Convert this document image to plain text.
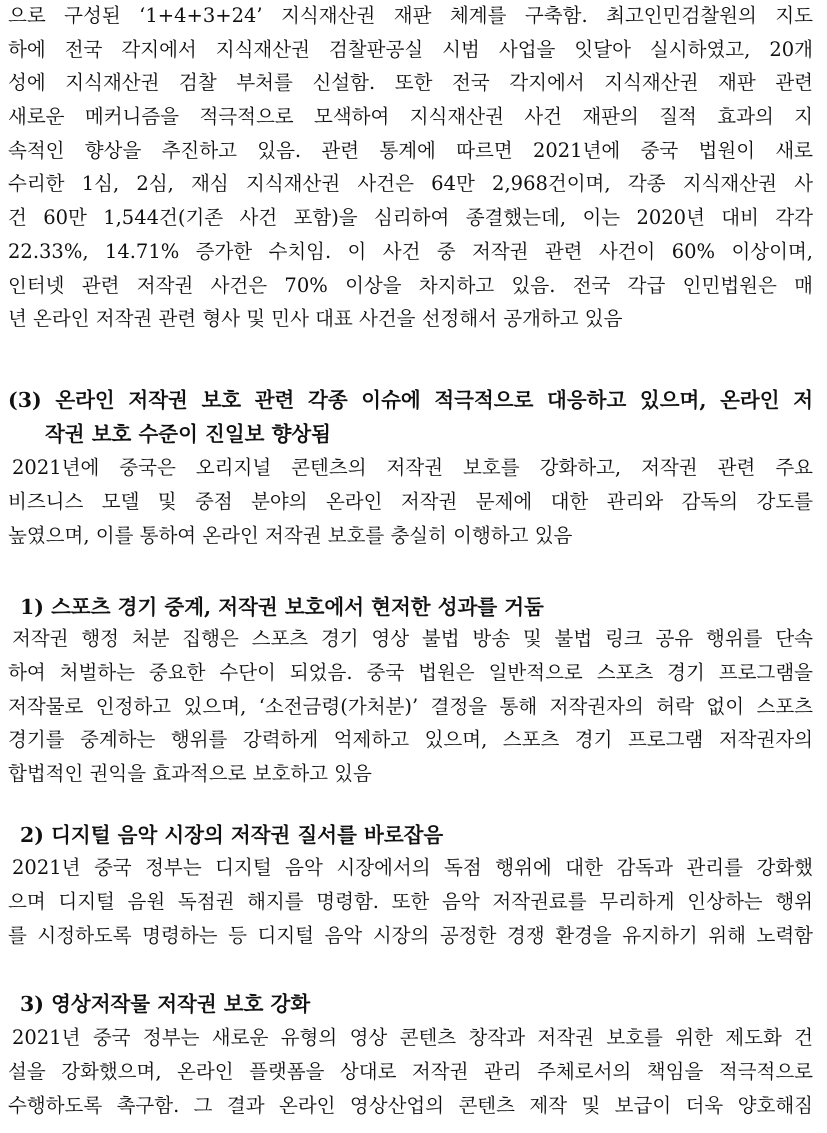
으로 구성된 ‘1+4+3+24’ 지식재산권 재판 체계를 구축함. 최고인민검찰원의 지도
하에 전국 각지에서 지식재산권 검찰판공실 시범 사업을 잇달아 실시하였고, 20개
성에 지식재산권 검찰 부처를 신설함. 또한 전국 각지에서 지식재산권 재판 관련
새로운 메커니즘을 적극적으로 모색하여 지식재산권 사건 재판의 질적 효과의 지
속적인 향상을 추진하고 있음. 관련 통계에 따르면 2021년에 중국 법원이 새로
수리한 1심, 2심, 재심 지식재산권 사건은 64만 2,968건이며, 각종 지식재산권 사
건 60만 1,544건(기존 사건 포함)을 심리하여 종결했는데, 이는 2020년 대비 각각
22.33%, 14.71% 증가한 수치임. 이 사건 중 저작권 관련 사건이 60% 이상이며,
인터넷 관련 저작권 사건은 70% 이상을 차지하고 있음. 전국 각급 인민법원은 매
년 온라인 저작권 관련 형사 및 민사 대표 사건을 선정해서 공개하고 있음
(3) 온라인 저작권 보호 관련 각종 이슈에 적극적으로 대응하고 있으며, 온라인 저
작권 보호 수준이 진일보 향상됨
2021년에 중국은 오리지널 콘텐츠의 저작권 보호를 강화하고, 저작권 관련 주요
비즈니스 모델 및 중점 분야의 온라인 저작권 문제에 대한 관리와 감독의 강도를
높였으며, 이를 통하여 온라인 저작권 보호를 충실히 이행하고 있음
1) 스포츠 경기 중계, 저작권 보호에서 현저한 성과를 거둠
저작권 행정 처분 집행은 스포츠 경기 영상 불법 방송 및 불법 링크 공유 행위를 단속
하여 처벌하는 중요한 수단이 되었음. 중국 법원은 일반적으로 스포츠 경기 프로그램을
저작물로 인정하고 있으며, ‘소전금령(가처분)’ 결정을 통해 저작권자의 허락 없이 스포츠
경기를 중계하는 행위를 강력하게 억제하고 있으며, 스포츠 경기 프로그램 저작권자의
합법적인 권익을 효과적으로 보호하고 있음
2) 디지털 음악 시장의 저작권 질서를 바로잡음
2021년 중국 정부는 디지털 음악 시장에서의 독점 행위에 대한 감독과 관리를 강화했
으며 디지털 음원 독점권 해지를 명령함. 또한 음악 저작권료를 무리하게 인상하는 행위
를 시정하도록 명령하는 등 디지털 음악 시장의 공정한 경쟁 환경을 유지하기 위해 노력함
3) 영상저작물 저작권 보호 강화
2021년 중국 정부는 새로운 유형의 영상 콘텐츠 창작과 저작권 보호를 위한 제도화 건
설을 강화했으며, 온라인 플랫폼을 상대로 저작권 관리 주체로서의 책임을 적극적으로
수행하도록 촉구함. 그 결과 온라인 영상산업의 콘텐츠 제작 및 보급이 더욱 양호해짐
